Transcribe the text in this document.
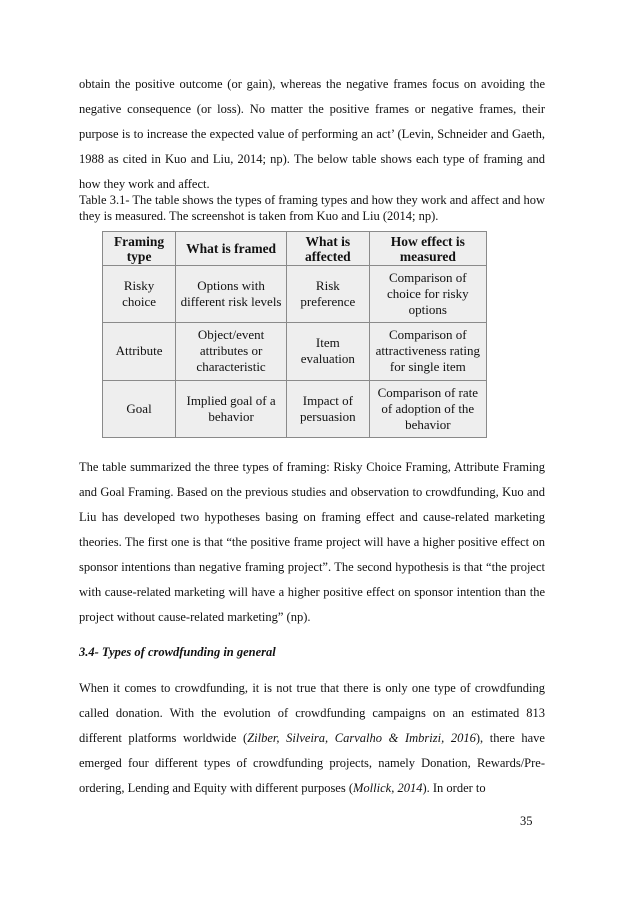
obtain the positive outcome (or gain), whereas the negative frames focus on avoiding the negative consequence (or loss). No matter the positive frames or negative frames, their purpose is to increase the expected value of performing an act’ (Levin, Schneider and Gaeth, 1988 as cited in Kuo and Liu, 2014; np). The below table shows each type of framing and how they work and affect.

Table 3.1- The table shows the types of framing types and how they work and affect and how they is measured. The screenshot is taken from Kuo and Liu (2014; np).

Framing type	What is framed	What is affected	How effect is measured
Risky choice	Options with different risk levels	Risk preference	Comparison of choice for risky options
Attribute	Object/event attributes or characteristic	Item evaluation	Comparison of attractiveness rating for single item
Goal	Implied goal of a behavior	Impact of persuasion	Comparison of rate of adoption of the behavior

The table summarized the three types of framing: Risky Choice Framing, Attribute Framing and Goal Framing. Based on the previous studies and observation to crowdfunding, Kuo and Liu has developed two hypotheses basing on framing effect and cause-related marketing theories. The first one is that “the positive frame project will have a higher positive effect on sponsor intentions than negative framing project”. The second hypothesis is that “the project with cause-related marketing will have a higher positive effect on sponsor intention than the project without cause-related marketing” (np).

3.4- Types of crowdfunding in general

When it comes to crowdfunding, it is not true that there is only one type of crowdfunding called donation. With the evolution of crowdfunding campaigns on an estimated 813 different platforms worldwide (Zilber, Silveira, Carvalho & Imbrizi, 2016), there have emerged four different types of crowdfunding projects, namely Donation, Rewards/Pre-ordering, Lending and Equity with different purposes (Mollick, 2014). In order to

35
